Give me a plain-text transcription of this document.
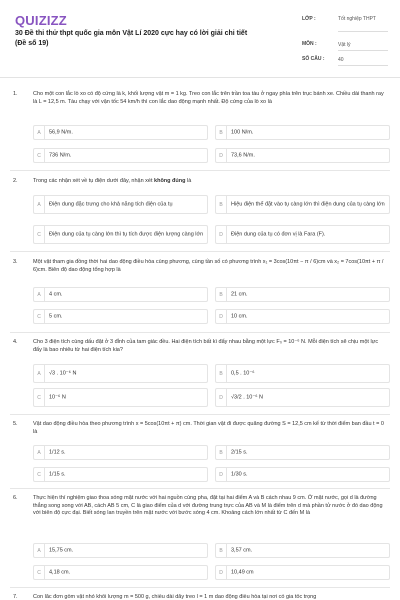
QUIZIZZ
30 Đề thi thử thpt quốc gia môn Vật Lí 2020 cực hay có lời giải chi tiết (Đề số 19)
LỚP :	Tốt nghiệp THPT
MÔN :	Vật lý
SỐ CÂU :	40
1.	Cho một con lắc lò xo có độ cứng là k, khối lượng vật m = 1 kg. Treo con lắc trên trần toa tàu ở ngay phía trên trục bánh xe. Chiều dài thanh ray là L = 12,5 m. Tàu chạy với vận tốc 54 km/h thì con lắc dao động mạnh nhất. Độ cứng của lò xo là
A	56,9 N/m.	B	100 N/m.
C	736 N/m.	D	73,6 N/m.
2.	Trong các nhận xét về tụ điện dưới đây, nhận xét không đúng là
A	Điện dung đặc trưng cho khả năng tích điện của tụ	B	Hiệu điện thế đặt vào tụ càng lớn thì điện dung của tụ càng lớn
C	Điện dung của tụ càng lớn thì tụ tích được điện lượng càng lớn	D	Điện dung của tụ có đơn vị là Fara (F).
3.	Một vật tham gia đồng thời hai dao động điều hòa cùng phương, cùng tần số có phương trình x₁ = 3cos(10πt − π / 6)cm và x₂ = 7cos(10πt + π / 6)cm. Biên độ dao động tổng hợp là
A	4 cm.	B	21 cm.
C	5 cm.	D	10 cm.
4.	Cho 3 điện tích cùng dấu đặt ở 3 đỉnh của tam giác đều. Hai điện tích bất kì đẩy nhau bằng một lực F₀ = 10⁻⁶ N. Mỗi điện tích sẽ chịu một lực đẩy là bao nhiêu từ hai điện tích kia?
A	√3 . 10⁻⁶ N	B	0,5 . 10⁻⁶
C	10⁻⁶ N	D	√3/2 . 10⁻⁶ N
5.	Vật dao động điều hòa theo phương trình x = 5cos(10πt + π) cm. Thời gian vật đi được quãng đường S = 12,5 cm kể từ thời điểm ban đầu t = 0 là
A	1/12 s.	B	2/15 s.
C	1/15 s.	D	1/30 s.
6.	Thực hiện thí nghiệm giao thoa sóng mặt nước với hai nguồn cùng pha, đặt tại hai điểm A và B cách nhau 9 cm. Ở mặt nước, gọi d là đường thẳng song song với AB, cách AB 5 cm, C là giao điểm của d với đường trung trực của AB và M là điểm trên d mà phần tử nước ở đó dao động với biên độ cực đại. Biết sóng lan truyền trên mặt nước với bước sóng 4 cm. Khoảng cách lớn nhất từ C đến M là
A	15,75 cm.	B	3,57 cm.
C	4,18 cm.	D	10,49 cm
7.	Con lắc đơn gồm vật nhỏ khối lượng m = 500 g, chiều dài dây treo l = 1 m dao động điều hòa tại nơi có gia tốc trọng
